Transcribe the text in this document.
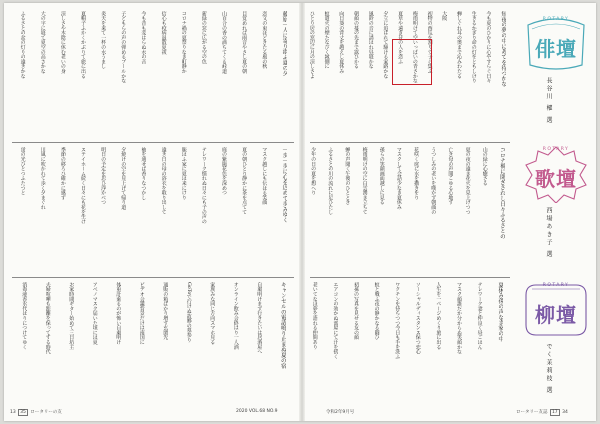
短夜の夢の中にあてを待つかな
今も夏のひかりに心やすらぐ日々
生きるかぎり命の灯をともしけり
蝉しぐれ耳の奥まで沁みわたる
大阪
初物の西瓜を割りて子ら集ふ
梅雨明けて空いっぱいの青さかな
夏草や遠き昔の人を恋ふ
夕立に追はれて駆ける家路かな
風鈴の音に誘はれ昼寝かな
朝顔の蔓の先まで露ひかる
向日葵の背丈を越えし夏休み
蚊遣火の煙たなびく縁側に
ひとり居の窓辺に月の涼しさよ
藤原一人に寄り添ふ夏の夕
恋文の束ほどきたる風の秋
目覚めれば雨音やさし夏の朝
山百合の香の満ちてくる峠道
新緑の窓に広がる空の色
コロナ禍の夏祭りなき町静か
信心も疫病退散夏祓
今も昔も変はらぬ水の音
子どもらの声の弾めるプールかな
炎天を来て一杯の水うまし
夏帽子ふかくかぶりて旅に出る
涼しさや木陰に休む老いの身
大の字に寝て夏空の高さかな
ふるさとの盆の灯りの遠きかな
コロナ禍に閉ざされし日々ふるさとの
山の緑に心癒さる
夏の夜の遠き花火を見上げつつ
亡き母の声聞こゆる心地す
うつしみの老いを嘆かず朝顔の
花咲く庭に水を撒きをり
マスクして会話少なき夏休み
孫らの笑顔画面越しに見る
梅雨明けの空に白雲湧き立ちて
蝉の声聞く午後のひととき
ふるさとの川の流れに足ひたし
少年の日の夏を想へり
一歩一歩に心を込めて歩みゆく
マスク越しにも伝はる笑顔
夏の朝ひとり静かに茶を点てて
庭の紫陽花色を深めつ
テレワーク慣れぬ日々にも子の声の
賑はふ家に夏は来にけり
遠き日の母の浴衣を取り出して
袖を通せば香りなつかし
夕焼けの空を見上げて帰り道
明日の予定を思ひ浮かべつ
ステイホーム続く日々にも花を生け
季節の移ろひ確かに感ず
川風に吹かれて歩く夕まぐれ
蛍の光ひとつふたつと
夏休み孫の声なき家の中
テレワーク妻と仲良く昼ごはん
マスク顔誰だか分からぬ笑顔かな
人生を一ページめくり旅に出る
ソーシャルディスタンス保つ恋心
ワクチンを待ちつつ今日も手を洗ふ
蚊と戦ふ夜の静かなる闘ひ
初孫の写真を見せる友の顔
エアコンの効かぬ部屋にて汗を拭く
老いてなほ夢を語れる仲間あり
キャンセルの電話鳴り止まぬ夏の宿
自粛明けまず行きたいは居酒屋へ
オンライン飲み会終はり一人酒
家族みな同じ方向スマホ見る
GoToで行けぬ故郷の墓参り
通販の箱ばかり増す玄関先
ビデオ会議背景だけは南国に
体重計乗るのが怖い自粛明け
アベノマスク届いた頃には夏
お家時間ギター始めて三日坊主
夫婦喧嘩も距離を保ってする時代
消毒液香水代はりにつけてゆく
ROTARY
俳壇
長谷川 櫂 選
ROTARY
歌壇
西場あき子 選
ROTARY
柳壇
でく茉莉枝 選
13 35 ロータリーの友	2020 VOL.68 NO.9	令和2年9月号	ロータリー友誌 17 34
